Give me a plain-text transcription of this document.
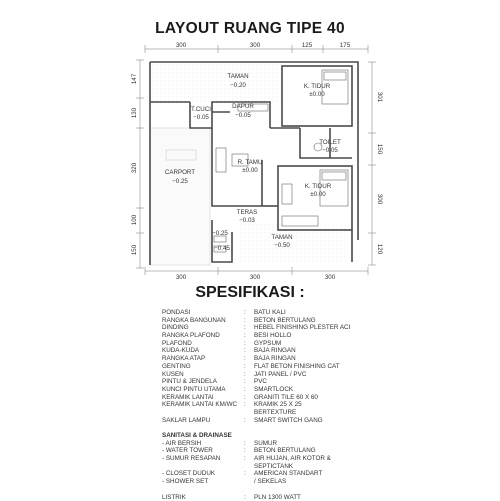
LAYOUT RUANG TIPE 40
TAMAN
−0.20	K. TIDUR
±0.00
T.CUCI
−0.05
DAPUR
−0.05
TOILET
−0.05
CARPORT
−0.25
R. TAMU
±0.00
K. TIDUR
±0.00
TERAS
−0.03
TAMAN
−0.50
−0.25
−0.45
300	300	125	175
300	300	300
147
130
320
100
150
301
150
300
120
SPESIFIKASI :
PONDASI	: BATU KALI
RANGKA BANGUNAN	: BETON BERTULANG
DINDING	: HEBEL FINISHING PLESTER ACI
RANGKA PLAFOND	: BESI HOLLO
PLAFOND	: GYPSUM
KUDA-KUDA	: BAJA RINGAN
RANGKA ATAP	: BAJA RINGAN
GENTING	: FLAT BETON FINISHING CAT
KUSEN	: JATI PANEL / PVC
PINTU & JENDELA	: PVC
KUNCI PINTU UTAMA	: SMARTLOCK
KERAMIK LANTAI	: GRANITI TILE 60 X 60
KERAMIK LANTAI KM/WC : KRAMIK 25 X 25
BERTEXTURE
SAKLAR LAMPU	: SMART SWITCH GANG
SANITASI & DRAINASE
- AIR BERSIH	: SUMUR
- WATER TOWER	: BETON BERTULANG
- SUMUR RESAPAN	: AIR HUJAN, AIR KOTOR &
SEPTICTANK
- CLOSET DUDUK	: AMERICAN STANDART
- SHOWER SET	/ SEKELAS
LISTRIK	: PLN 1300 WATT
